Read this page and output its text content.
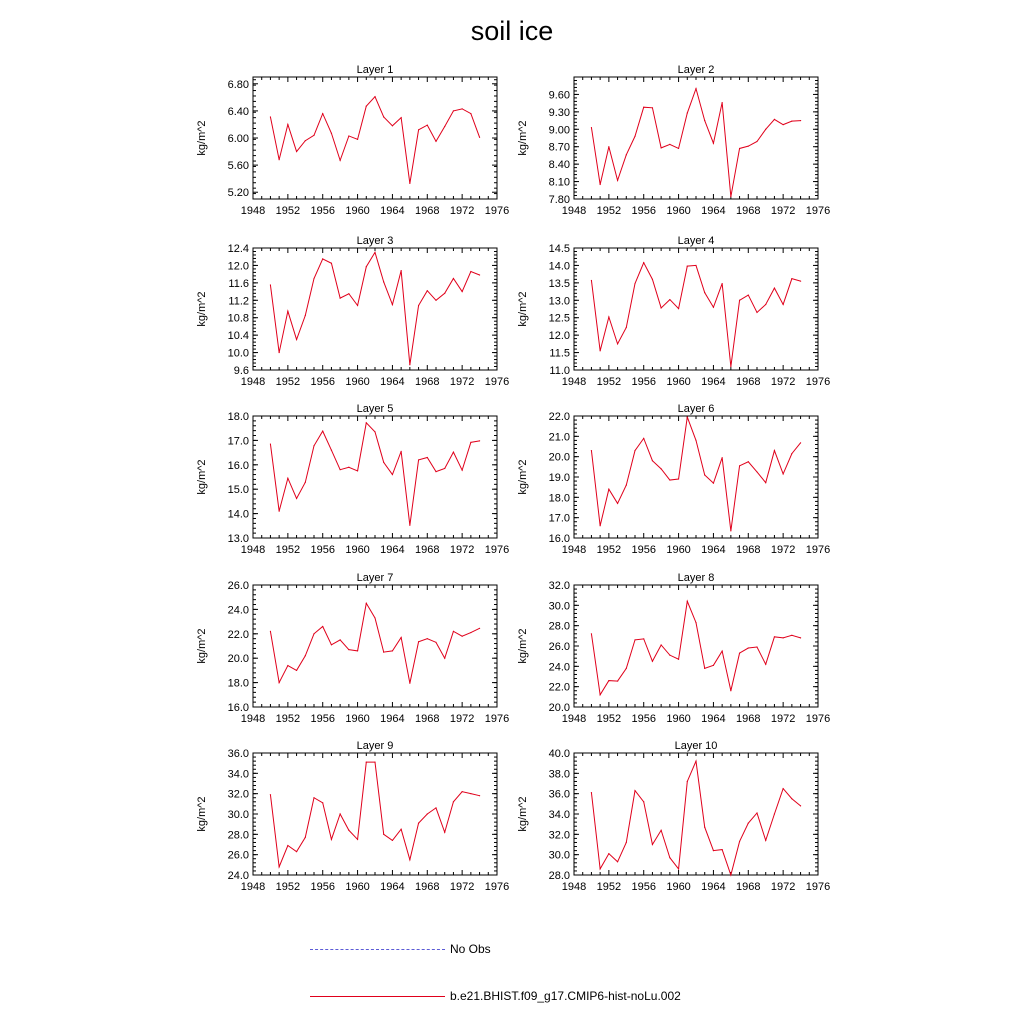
soil ice
Layer 1
1948 1952 1956 1960 1964 1968 1972 1976
5.20
5.60
6.00
6.40
6.80
kg/m^2
Layer 2
1948 1952 1956 1960 1964 1968 1972 1976
7.80
8.10
8.40
8.70
9.00
9.30
9.60
kg/m^2
Layer 3
1948 1952 1956 1960 1964 1968 1972 1976
9.6
10.0
10.4
10.8
11.2
11.6
12.0
12.4
kg/m^2
Layer 4
1948 1952 1956 1960 1964 1968 1972 1976
11.0
11.5
12.0
12.5
13.0
13.5
14.0
14.5
kg/m^2
Layer 5
1948 1952 1956 1960 1964 1968 1972 1976
13.0
14.0
15.0
16.0
17.0
18.0
kg/m^2
Layer 6
1948 1952 1956 1960 1964 1968 1972 1976
16.0
17.0
18.0
19.0
20.0
21.0
22.0
kg/m^2
Layer 7
1948 1952 1956 1960 1964 1968 1972 1976
16.0
18.0
20.0
22.0
24.0
26.0
kg/m^2
Layer 8
1948 1952 1956 1960 1964 1968 1972 1976
20.0
22.0
24.0
26.0
28.0
30.0
32.0
kg/m^2
Layer 9
1948 1952 1956 1960 1964 1968 1972 1976
24.0
26.0
28.0
30.0
32.0
34.0
36.0
kg/m^2
Layer 10
1948 1952 1956 1960 1964 1968 1972 1976
28.0
30.0
32.0
34.0
36.0
38.0
40.0
kg/m^2
No Obs
b.e21.BHIST.f09_g17.CMIP6-hist-noLu.002
